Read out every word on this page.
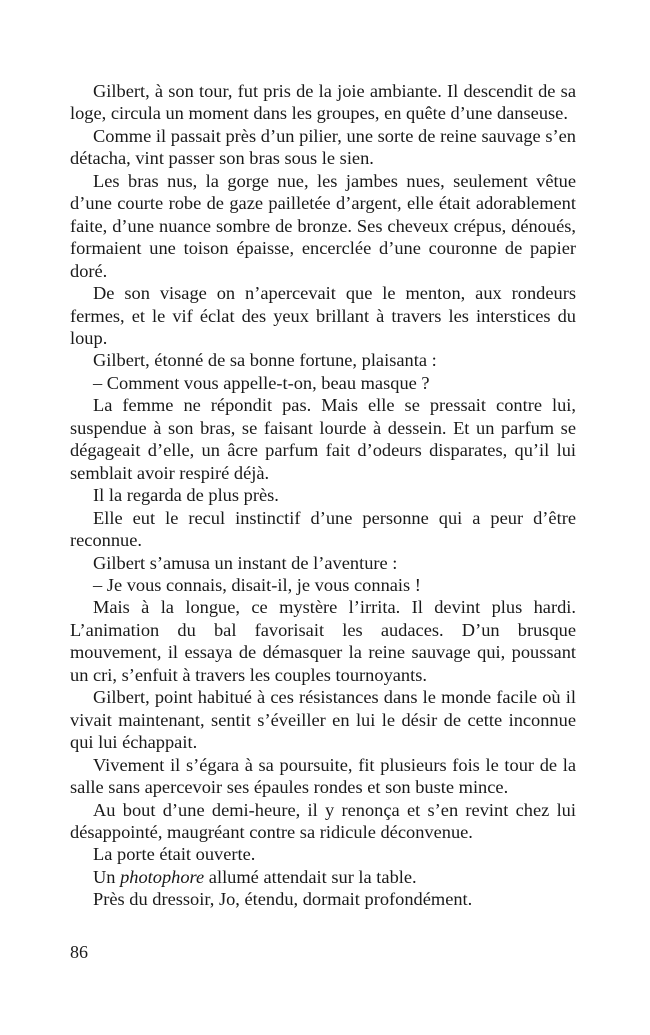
Gilbert, à son tour, fut pris de la joie ambiante. Il descendit de sa loge, circula un moment dans les groupes, en quête d’une danseuse.

Comme il passait près d’un pilier, une sorte de reine sauvage s’en détacha, vint passer son bras sous le sien.

Les bras nus, la gorge nue, les jambes nues, seulement vêtue d’une courte robe de gaze pailletée d’argent, elle était adorablement faite, d’une nuance sombre de bronze. Ses cheveux crépus, dénoués, formaient une toison épaisse, encerclée d’une couronne de papier doré.

De son visage on n’apercevait que le menton, aux rondeurs fermes, et le vif éclat des yeux brillant à travers les interstices du loup.

Gilbert, étonné de sa bonne fortune, plaisanta :

– Comment vous appelle-t-on, beau masque ?

La femme ne répondit pas. Mais elle se pressait contre lui, suspendue à son bras, se faisant lourde à dessein. Et un parfum se dégageait d’elle, un âcre parfum fait d’odeurs disparates, qu’il lui semblait avoir respiré déjà.

Il la regarda de plus près.

Elle eut le recul instinctif d’une personne qui a peur d’être reconnue.

Gilbert s’amusa un instant de l’aventure :

– Je vous connais, disait-il, je vous connais !

Mais à la longue, ce mystère l’irrita. Il devint plus hardi. L’animation du bal favorisait les audaces. D’un brusque mouvement, il essaya de démasquer la reine sauvage qui, poussant un cri, s’enfuit à travers les couples tournoyants.

Gilbert, point habitué à ces résistances dans le monde facile où il vivait maintenant, sentit s’éveiller en lui le désir de cette inconnue qui lui échappait.

Vivement il s’égara à sa poursuite, fit plusieurs fois le tour de la salle sans apercevoir ses épaules rondes et son buste mince.

Au bout d’une demi-heure, il y renonça et s’en revint chez lui désappointé, maugréant contre sa ridicule déconvenue.

La porte était ouverte.

Un photophore allumé attendait sur la table.

Près du dressoir, Jo, étendu, dormait profondément.

86
